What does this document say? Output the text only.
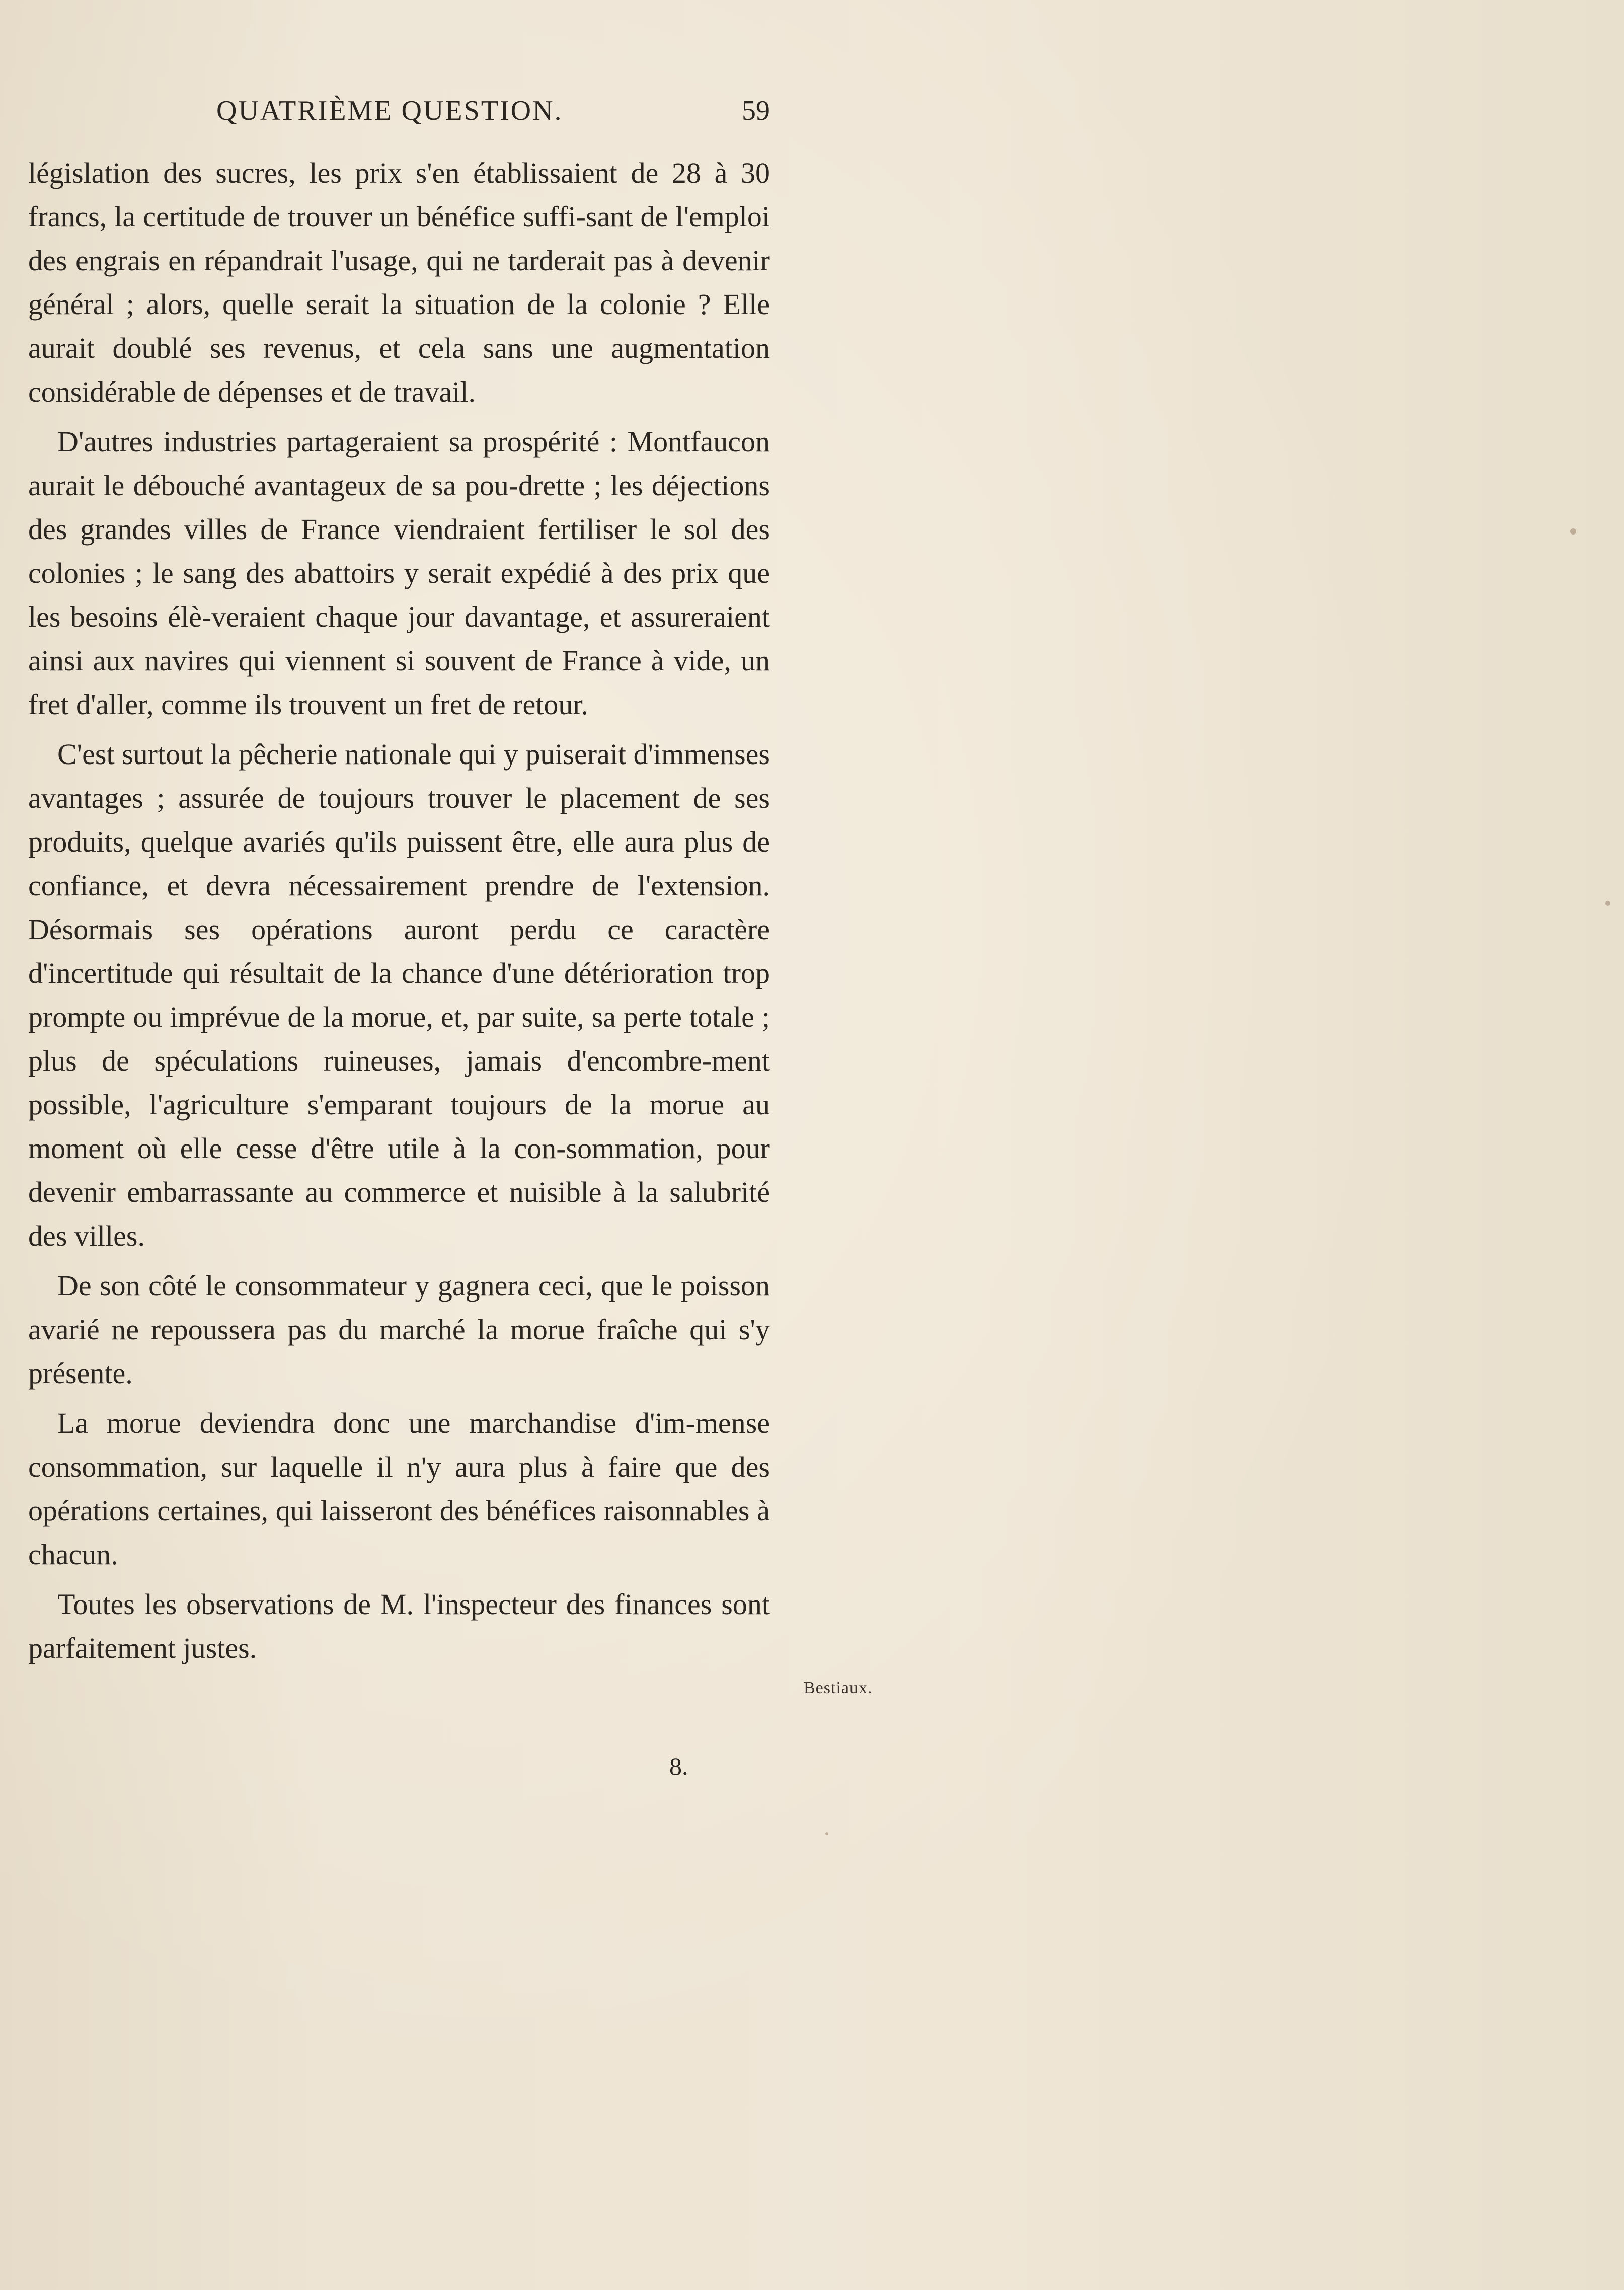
QUATRIÈME QUESTION.	59

législation des sucres, les prix s'en établissaient de 28 à 30 francs, la certitude de trouver un bénéfice suffi-sant de l'emploi des engrais en répandrait l'usage, qui ne tarderait pas à devenir général ; alors, quelle serait la situation de la colonie ? Elle aurait doublé ses revenus, et cela sans une augmentation considérable de dépenses et de travail.

D'autres industries partageraient sa prospérité : Montfaucon aurait le débouché avantageux de sa pou-drette ; les déjections des grandes villes de France viendraient fertiliser le sol des colonies ; le sang des abattoirs y serait expédié à des prix que les besoins élè-veraient chaque jour davantage, et assureraient ainsi aux navires qui viennent si souvent de France à vide, un fret d'aller, comme ils trouvent un fret de retour.

C'est surtout la pêcherie nationale qui y puiserait d'immenses avantages ; assurée de toujours trouver le placement de ses produits, quelque avariés qu'ils puissent être, elle aura plus de confiance, et devra nécessairement prendre de l'extension. Désormais ses opérations auront perdu ce caractère d'incertitude qui résultait de la chance d'une détérioration trop prompte ou imprévue de la morue, et, par suite, sa perte totale ; plus de spéculations ruineuses, jamais d'encombre-ment possible, l'agriculture s'emparant toujours de la morue au moment où elle cesse d'être utile à la con-sommation, pour devenir embarrassante au commerce et nuisible à la salubrité des villes.

De son côté le consommateur y gagnera ceci, que le poisson avarié ne repoussera pas du marché la morue fraîche qui s'y présente.

La morue deviendra donc une marchandise d'im-mense consommation, sur laquelle il n'y aura plus à faire que des opérations certaines, qui laisseront des bénéfices raisonnables à chacun.

Toutes les observations de M. l'inspecteur des finances sont parfaitement justes.

Bestiaux.
8.
